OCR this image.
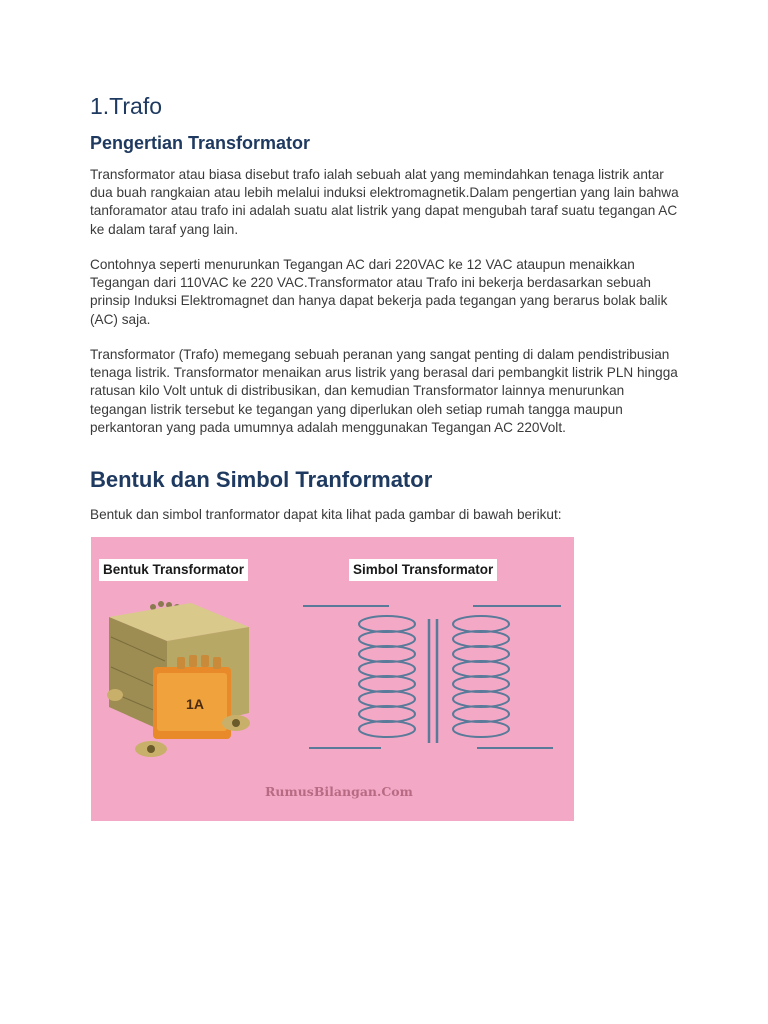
1.Trafo
Pengertian Transformator

Transformator atau biasa disebut trafo ialah sebuah alat yang memindahkan tenaga listrik antar dua buah rangkaian atau lebih melalui induksi elektromagnetik.Dalam pengertian yang lain bahwa tanforamator atau trafo ini adalah suatu alat listrik yang dapat mengubah taraf suatu tegangan AC ke dalam taraf yang lain.

Contohnya seperti menurunkan Tegangan AC dari 220VAC ke 12 VAC ataupun menaikkan Tegangan dari 110VAC ke 220 VAC.Transformator atau Trafo ini bekerja berdasarkan sebuah prinsip Induksi Elektromagnet dan hanya dapat bekerja pada tegangan yang berarus bolak balik (AC) saja.

Transformator (Trafo) memegang sebuah peranan yang sangat penting di dalam pendistribusian tenaga listrik. Transformator menaikan arus listrik yang berasal dari pembangkit listrik PLN hingga ratusan kilo Volt untuk di distribusikan, dan kemudian Transformator lainnya menurunkan tegangan listrik tersebut ke tegangan yang diperlukan oleh setiap rumah tangga maupun perkantoran yang pada umumnya adalah menggunakan Tegangan AC 220Volt.

Bentuk dan Simbol Tranformator

Bentuk dan simbol tranformator dapat kita lihat pada gambar di bawah berikut:

1A
Bentuk Transformator	Simbol Transformator
RumusBilangan.Com
